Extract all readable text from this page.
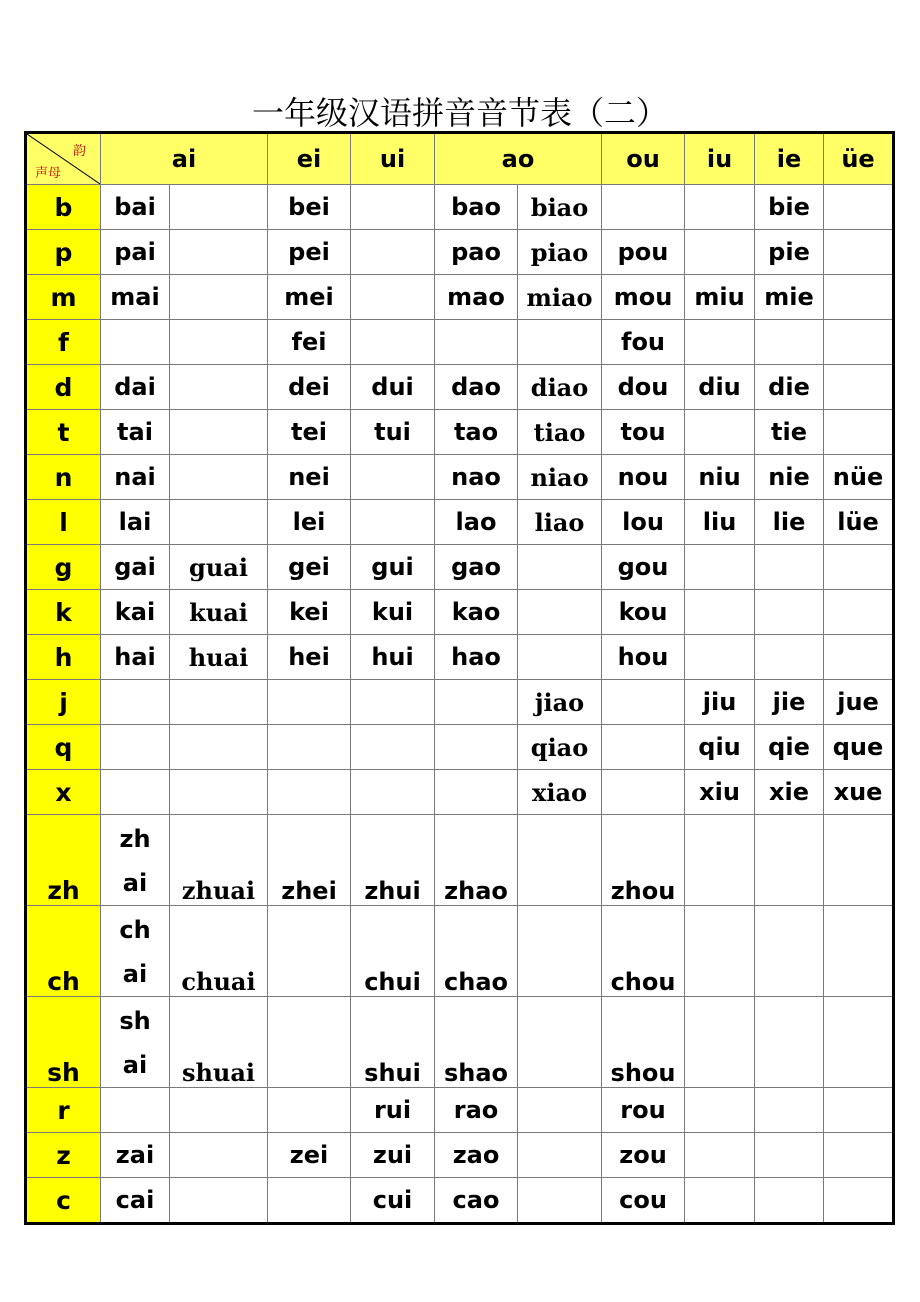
一年级汉语拼音音节表（二）
韵
声母	ai		ei	ui	ao		ou	iu	ie	üe
b	bai		bei		bao	biao			bie	
p	pai		pei		pao	piao	pou		pie	
m	mai		mei		mao	miao	mou	miu	mie	
f			fei				fou			
d	dai		dei	dui	dao	diao	dou	diu	die	
t	tai		tei	tui	tao	tiao	tou		tie	
n	nai		nei		nao	niao	nou	niu	nie	nüe
l	lai		lei		lao	liao	lou	liu	lie	lüe
g	gai	guai	gei	gui	gao		gou			
k	kai	kuai	kei	kui	kao		kou			
h	hai	huai	hei	hui	hao		hou			
j						jiao		jiu	jie	jue
q						qiao		qiu	qie	que
x						xiao		xiu	xie	xue
zh	zhai	zhuai	zhei	zhui	zhao		zhou			
ch	chai	chuai		chui	chao		chou			
sh	shai	shuai		shui	shao		shou			
r				rui	rao		rou			
z	zai		zei	zui	zao		zou			
c	cai			cui	cao		cou			
